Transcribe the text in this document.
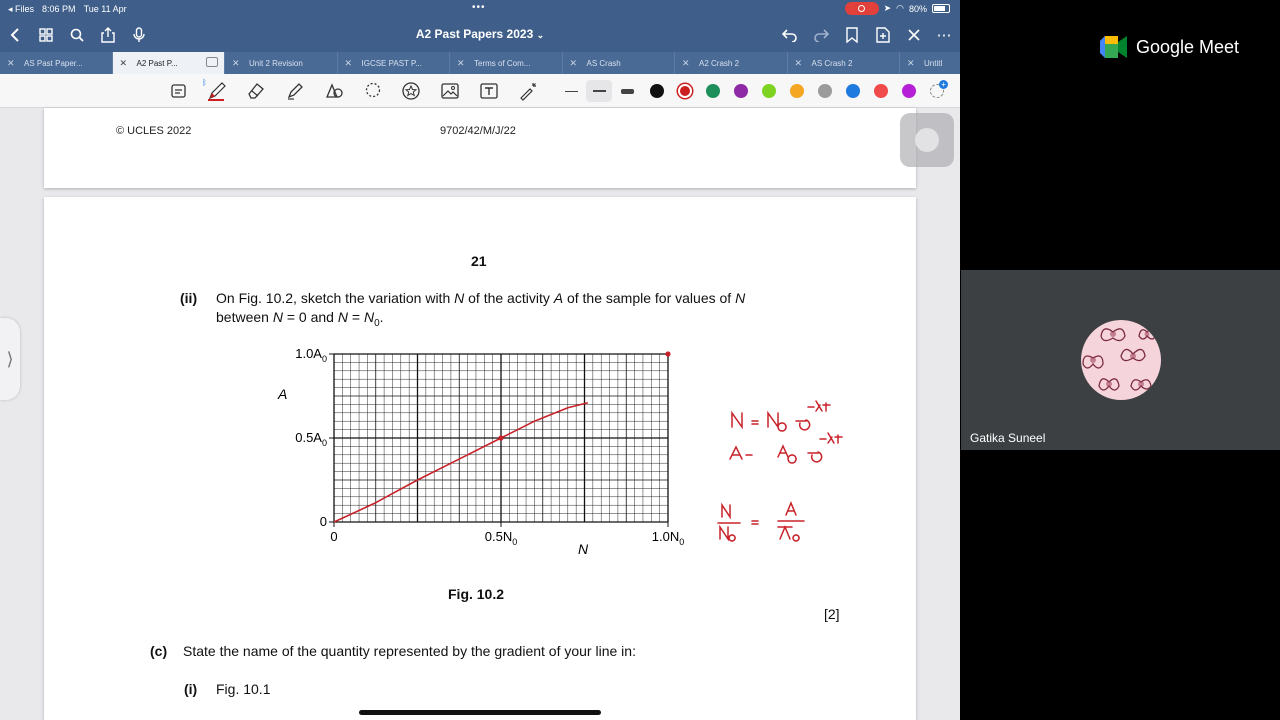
◂ Files 8:06 PM Tue 11 Apr	•••	➤ ◠ 80%
A2 Past Papers 2023 ⌄	⋯
✕ AS Past Paper...	✕ A2 Past P...	✕ Unit 2 Revision	✕ IGCSE PAST P...	✕ Terms of Com...	✕ AS Crash	✕ A2 Crash 2	✕ AS Crash 2	✕ Untitl
ᛒ	+
© UCLES 2022	9702/42/M/J/22
21
(ii) On Fig. 10.2, sketch the variation with N of the activity A of the sample for values of N
between N = 0 and $N = N_0$.
0	$0.5N_0$	$1.0N_0$
0
$0.5A_0$
$1.0A_0$
A
N
Fig. 10.2
[2]
(c) State the name of the quantity represented by the gradient of your line in:
(i) Fig. 10.1
⟩
Google Meet
Gatika Suneel
